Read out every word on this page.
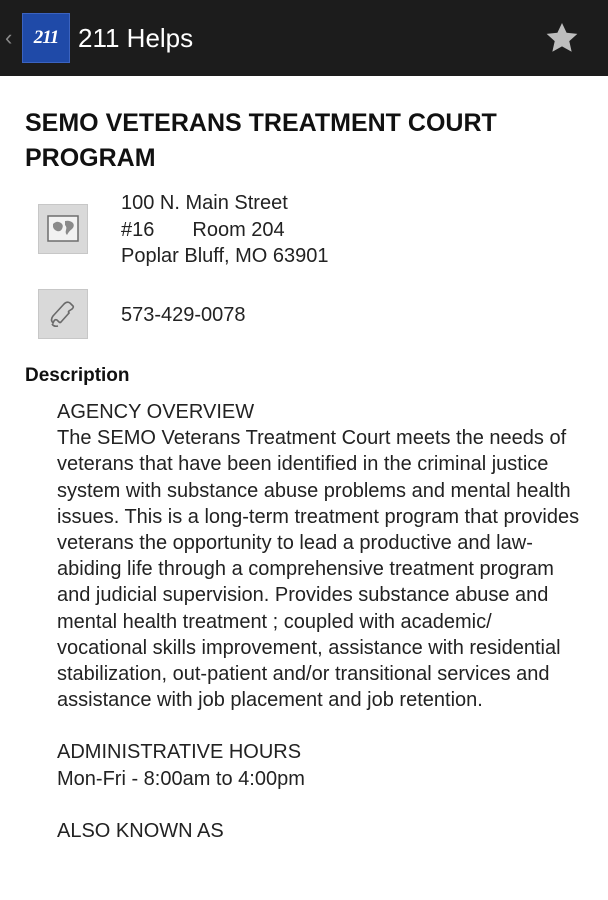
‹ 211 211 Helps
SEMO VETERANS TREATMENT COURT PROGRAM
100 N. Main Street
#16 Room 204
Poplar Bluff, MO 63901
573-429-0078
Description

AGENCY OVERVIEW

The SEMO Veterans Treatment Court meets the needs of veterans that have been identified in the criminal justice system with substance abuse problems and mental health issues. This is a long-term treatment program that provides veterans the opportunity to lead a productive and law-abiding life through a comprehensive treatment program and judicial supervision. Provides substance abuse and mental health treatment ; coupled with academic/ vocational skills improvement, assistance with residential stabilization, out-patient and/or transitional services and assistance with job placement and job retention.

ADMINISTRATIVE HOURS

Mon-Fri - 8:00am to 4:00pm

ALSO KNOWN AS
